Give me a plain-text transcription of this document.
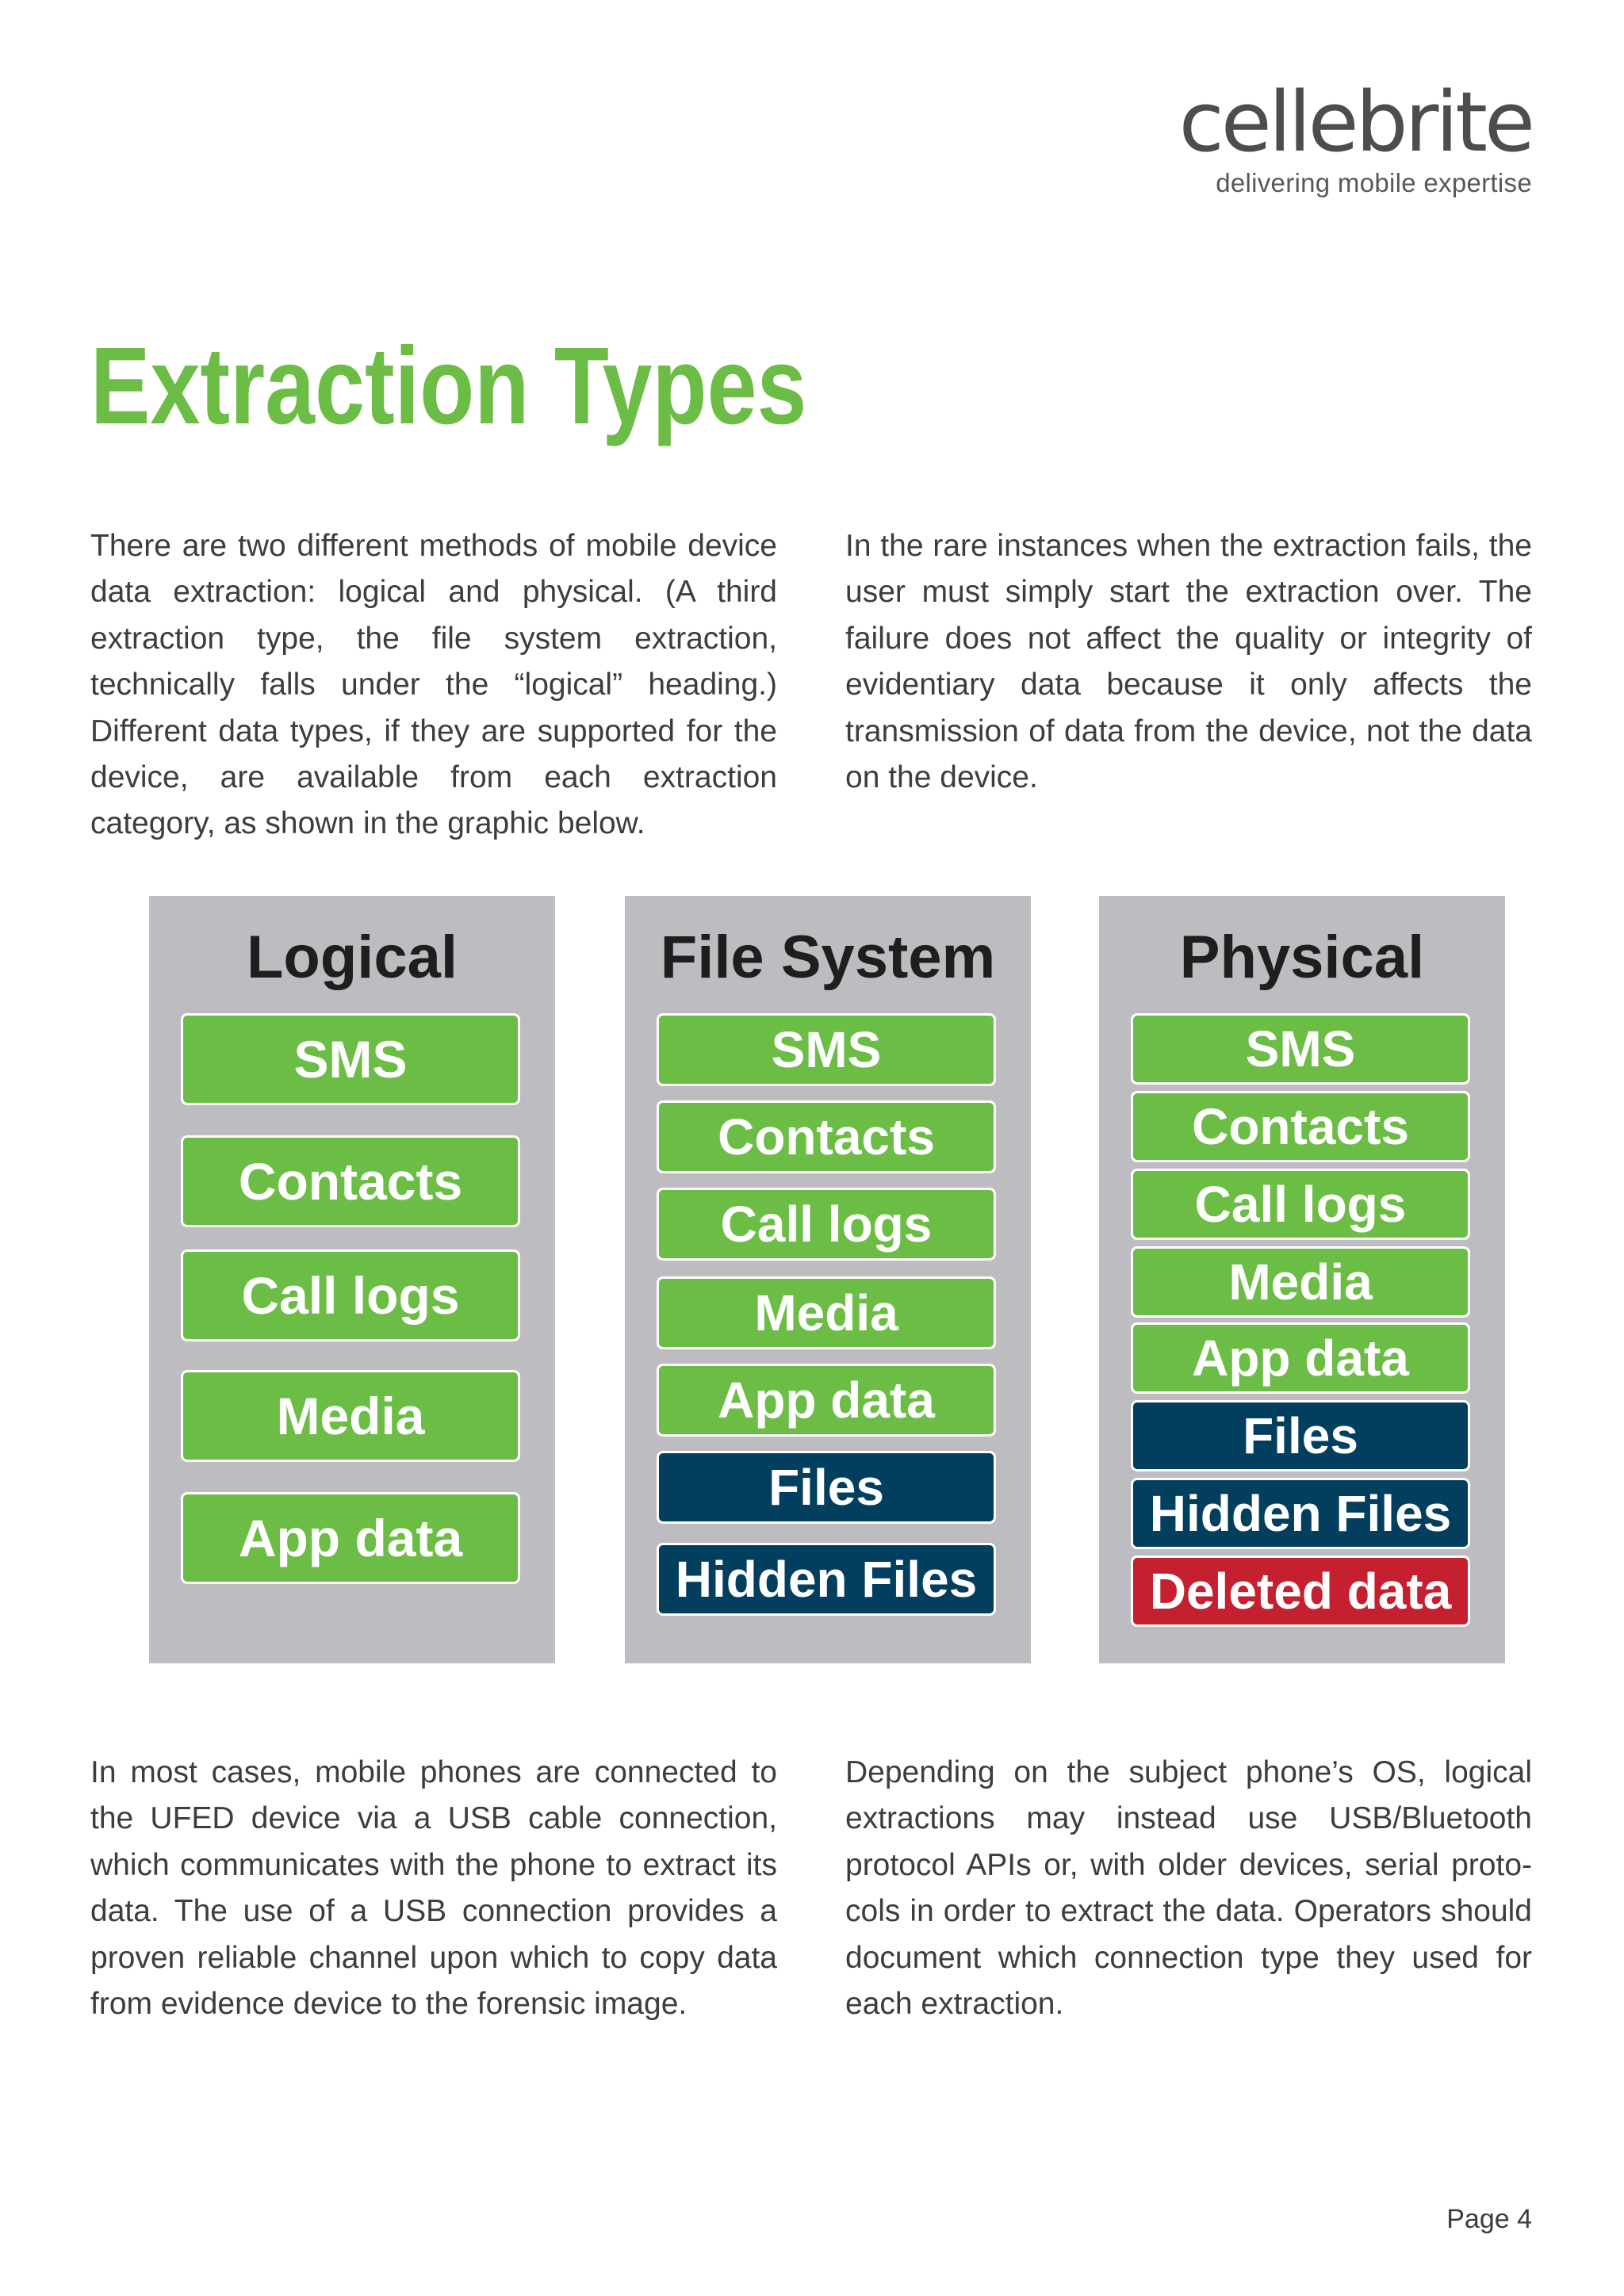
cellebrite
delivering mobile expertise
Extraction Types

There are two different methods of mobile device data extraction: logical and physical. (A third extraction type, the file system extraction, technically falls under the “logical” heading.) Different data types, if they are supported for the device, are available from each extraction category, as shown in the graphic below.

In the rare instances when the extraction fails, the user must simply start the extraction over. The failure does not affect the quality or integrity of evidentiary data because it only affects the transmission of data from the device, not the data on the device.

Logical
SMS
Contacts
Call logs
Media
App data
File System
SMS
Contacts
Call logs
Media
App data
Files
Hidden Files
Physical
SMS
Contacts
Call logs
Media
App data
Files
Hidden Files
Deleted data

In most cases, mobile phones are connected to the UFED device via a USB cable connection, which communicates with the phone to extract its data. The use of a USB connection provides a proven reliable channel upon which to copy data from evidence device to the forensic image.

Depending on the subject phone’s OS, logical extractions may instead use USB/Bluetooth protocol APIs or, with older devices, serial proto-cols in order to extract the data. Operators should document which connection type they used for each extraction.

Page 4
